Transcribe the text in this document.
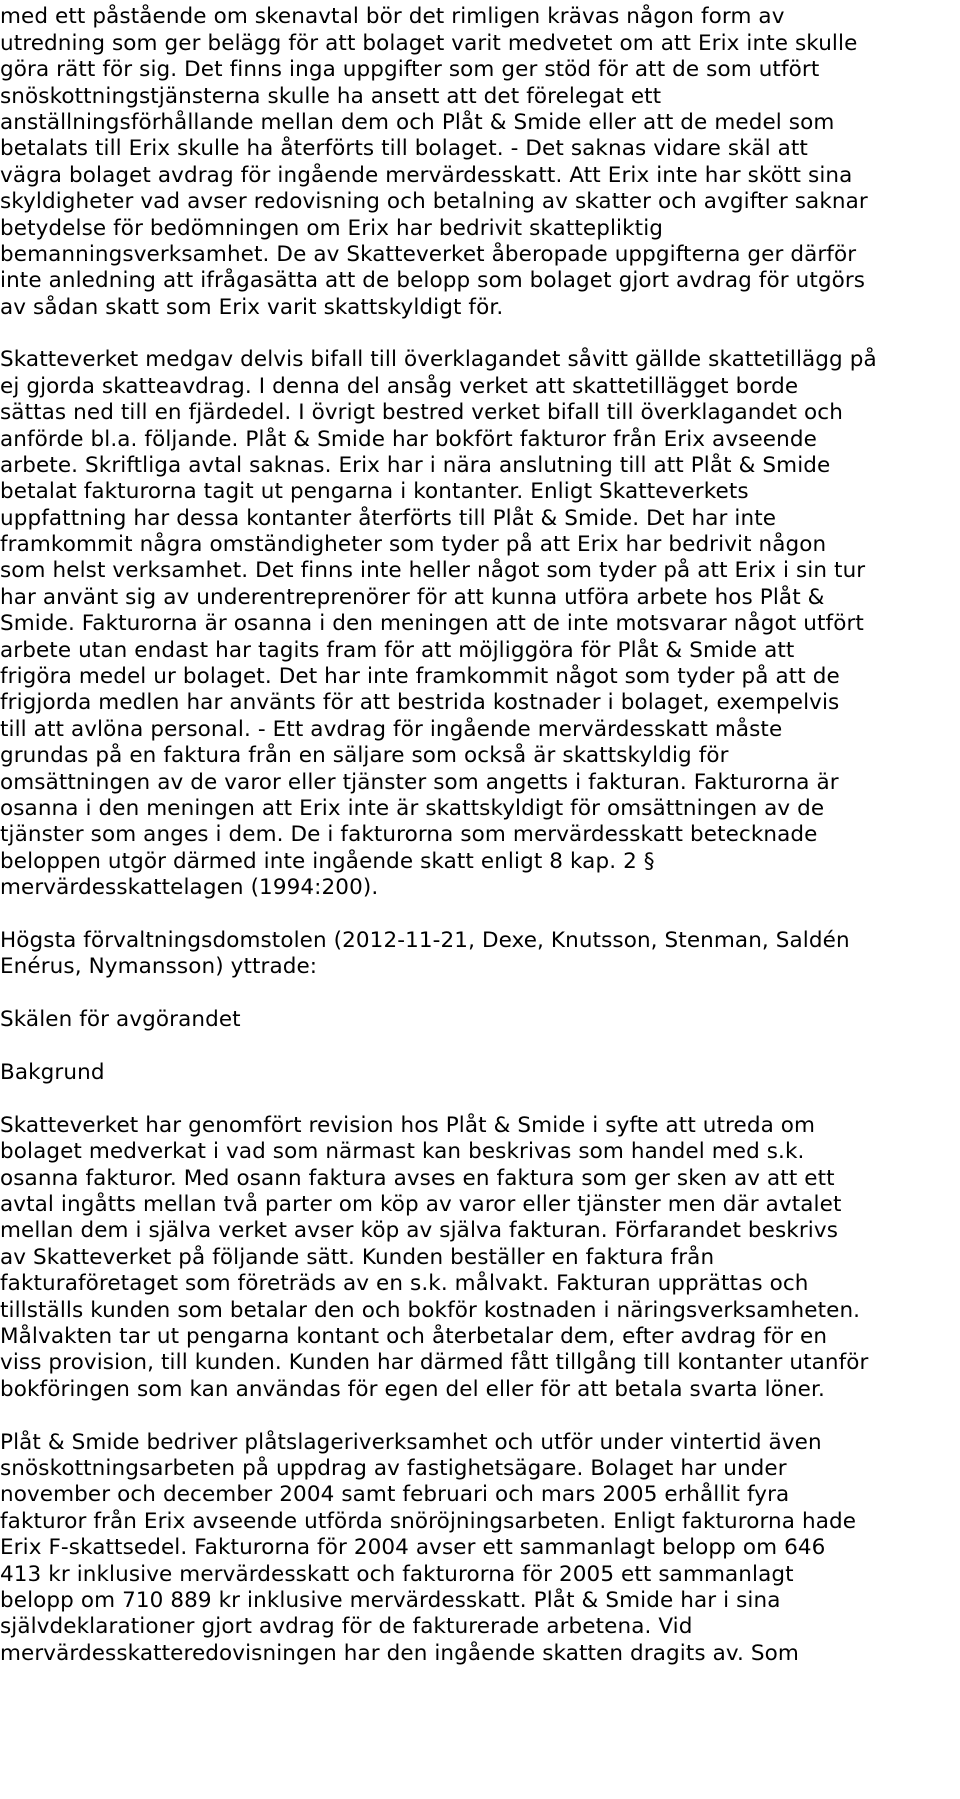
med ett påstående om skenavtal bör det rimligen krävas någon form av
utredning som ger belägg för att bolaget varit medvetet om att Erix inte skulle
göra rätt för sig. Det finns inga uppgifter som ger stöd för att de som utfört
snöskottningstjänsterna skulle ha ansett att det förelegat ett
anställningsförhållande mellan dem och Plåt & Smide eller att de medel som
betalats till Erix skulle ha återförts till bolaget. - Det saknas vidare skäl att
vägra bolaget avdrag för ingående mervärdesskatt. Att Erix inte har skött sina
skyldigheter vad avser redovisning och betalning av skatter och avgifter saknar
betydelse för bedömningen om Erix har bedrivit skattepliktig
bemanningsverksamhet. De av Skatteverket åberopade uppgifterna ger därför
inte anledning att ifrågasätta att de belopp som bolaget gjort avdrag för utgörs
av sådan skatt som Erix varit skattskyldigt för.
Skatteverket medgav delvis bifall till överklagandet såvitt gällde skattetillägg på
ej gjorda skatteavdrag. I denna del ansåg verket att skattetillägget borde
sättas ned till en fjärdedel. I övrigt bestred verket bifall till överklagandet och
anförde bl.a. följande. Plåt & Smide har bokfört fakturor från Erix avseende
arbete. Skriftliga avtal saknas. Erix har i nära anslutning till att Plåt & Smide
betalat fakturorna tagit ut pengarna i kontanter. Enligt Skatteverkets
uppfattning har dessa kontanter återförts till Plåt & Smide. Det har inte
framkommit några omständigheter som tyder på att Erix har bedrivit någon
som helst verksamhet. Det finns inte heller något som tyder på att Erix i sin tur
har använt sig av underentreprenörer för att kunna utföra arbete hos Plåt &
Smide. Fakturorna är osanna i den meningen att de inte motsvarar något utfört
arbete utan endast har tagits fram för att möjliggöra för Plåt & Smide att
frigöra medel ur bolaget. Det har inte framkommit något som tyder på att de
frigjorda medlen har använts för att bestrida kostnader i bolaget, exempelvis
till att avlöna personal. - Ett avdrag för ingående mervärdesskatt måste
grundas på en faktura från en säljare som också är skattskyldig för
omsättningen av de varor eller tjänster som angetts i fakturan. Fakturorna är
osanna i den meningen att Erix inte är skattskyldigt för omsättningen av de
tjänster som anges i dem. De i fakturorna som mervärdesskatt betecknade
beloppen utgör därmed inte ingående skatt enligt 8 kap. 2 §
mervärdesskattelagen (1994:200).
Högsta förvaltningsdomstolen (2012-11-21, Dexe, Knutsson, Stenman, Saldén
Enérus, Nymansson) yttrade:
Skälen för avgörandet
Bakgrund
Skatteverket har genomfört revision hos Plåt & Smide i syfte att utreda om
bolaget medverkat i vad som närmast kan beskrivas som handel med s.k.
osanna fakturor. Med osann faktura avses en faktura som ger sken av att ett
avtal ingåtts mellan två parter om köp av varor eller tjänster men där avtalet
mellan dem i själva verket avser köp av själva fakturan. Förfarandet beskrivs
av Skatteverket på följande sätt. Kunden beställer en faktura från
fakturaföretaget som företräds av en s.k. målvakt. Fakturan upprättas och
tillställs kunden som betalar den och bokför kostnaden i näringsverksamheten.
Målvakten tar ut pengarna kontant och återbetalar dem, efter avdrag för en
viss provision, till kunden. Kunden har därmed fått tillgång till kontanter utanför
bokföringen som kan användas för egen del eller för att betala svarta löner.
Plåt & Smide bedriver plåtslageriverksamhet och utför under vintertid även
snöskottningsarbeten på uppdrag av fastighetsägare. Bolaget har under
november och december 2004 samt februari och mars 2005 erhållit fyra
fakturor från Erix avseende utförda snöröjningsarbeten. Enligt fakturorna hade
Erix F-skattsedel. Fakturorna för 2004 avser ett sammanlagt belopp om 646
413 kr inklusive mervärdesskatt och fakturorna för 2005 ett sammanlagt
belopp om 710 889 kr inklusive mervärdesskatt. Plåt & Smide har i sina
självdeklarationer gjort avdrag för de fakturerade arbetena. Vid
mervärdesskatteredovisningen har den ingående skatten dragits av. Som
